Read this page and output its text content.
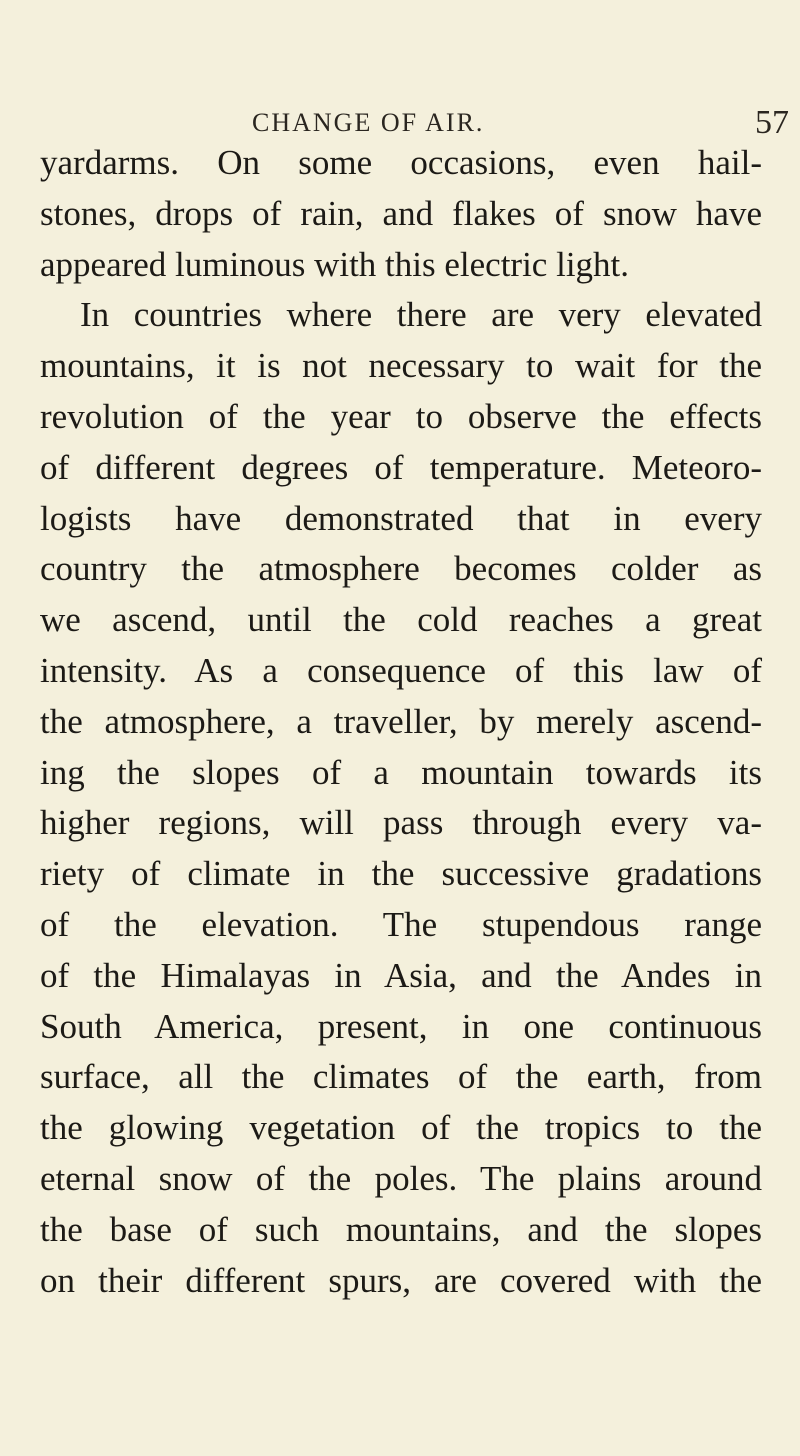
CHANGE OF AIR.	57
yardarms. On some occasions, even hail-
stones, drops of rain, and flakes of snow have
appeared luminous with this electric light.
In countries where there are very elevated
mountains, it is not necessary to wait for the
revolution of the year to observe the effects
of different degrees of temperature. Meteoro-
logists have demonstrated that in every
country the atmosphere becomes colder as
we ascend, until the cold reaches a great
intensity. As a consequence of this law of
the atmosphere, a traveller, by merely ascend-
ing the slopes of a mountain towards its
higher regions, will pass through every va-
riety of climate in the successive gradations
of the elevation. The stupendous range
of the Himalayas in Asia, and the Andes in
South America, present, in one continuous
surface, all the climates of the earth, from
the glowing vegetation of the tropics to the
eternal snow of the poles. The plains around
the base of such mountains, and the slopes
on their different spurs, are covered with the
